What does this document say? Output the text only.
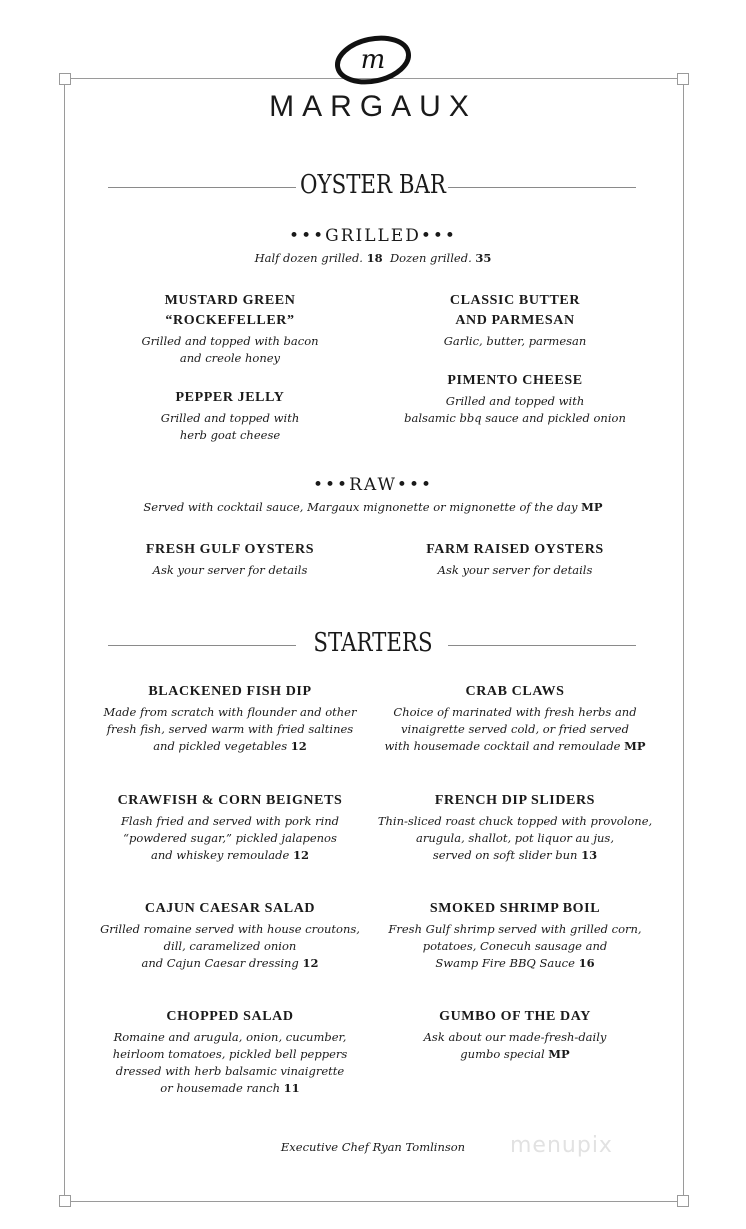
m
MARGAUX
OYSTER BAR
•••GRILLED•••
Half dozen grilled. 18 Dozen grilled. 35
MUSTARD GREEN
“ROCKEFELLER”
Grilled and topped with bacon
and creole honey
PEPPER JELLY
Grilled and topped with
herb goat cheese
CLASSIC BUTTER
AND PARMESAN
Garlic, butter, parmesan
PIMENTO CHEESE
Grilled and topped with
balsamic bbq sauce and pickled onion
•••RAW•••
Served with cocktail sauce, Margaux mignonette or mignonette of the day MP
FRESH GULF OYSTERS
Ask your server for details
FARM RAISED OYSTERS
Ask your server for details
STARTERS
BLACKENED FISH DIP
Made from scratch with flounder and other
fresh fish, served warm with fried saltines
and pickled vegetables 12
CRAB CLAWS
Choice of marinated with fresh herbs and
vinaigrette served cold, or fried served
with housemade cocktail and remoulade MP
CRAWFISH & CORN BEIGNETS
Flash fried and served with pork rind
“powdered sugar,” pickled jalapenos
and whiskey remoulade 12
FRENCH DIP SLIDERS
Thin-sliced roast chuck topped with provolone,
arugula, shallot, pot liquor au jus,
served on soft slider bun 13
CAJUN CAESAR SALAD
Grilled romaine served with house croutons,
dill, caramelized onion
and Cajun Caesar dressing 12
SMOKED SHRIMP BOIL
Fresh Gulf shrimp served with grilled corn,
potatoes, Conecuh sausage and
Swamp Fire BBQ Sauce 16
CHOPPED SALAD
Romaine and arugula, onion, cucumber,
heirloom tomatoes, pickled bell peppers
dressed with herb balsamic vinaigrette
or housemade ranch 11
GUMBO OF THE DAY
Ask about our made-fresh-daily
gumbo special MP
Executive Chef Ryan Tomlinson	menupix
